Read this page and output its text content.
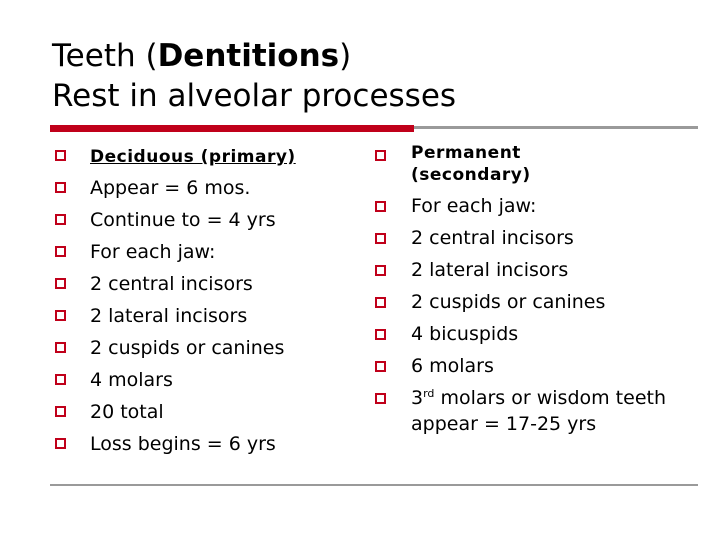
Teeth (Dentitions)
Rest in alveolar processes
Deciduous (primary)
Appear = 6 mos.
Continue to = 4 yrs
For each jaw:
2 central incisors
2 lateral incisors
2 cuspids or canines
4 molars
20 total
Loss begins = 6 yrs
Permanent
(secondary)
For each jaw:
2 central incisors
2 lateral incisors
2 cuspids or canines
4 bicuspids
6 molars
3rd molars or wisdom teeth appear = 17-25 yrs
